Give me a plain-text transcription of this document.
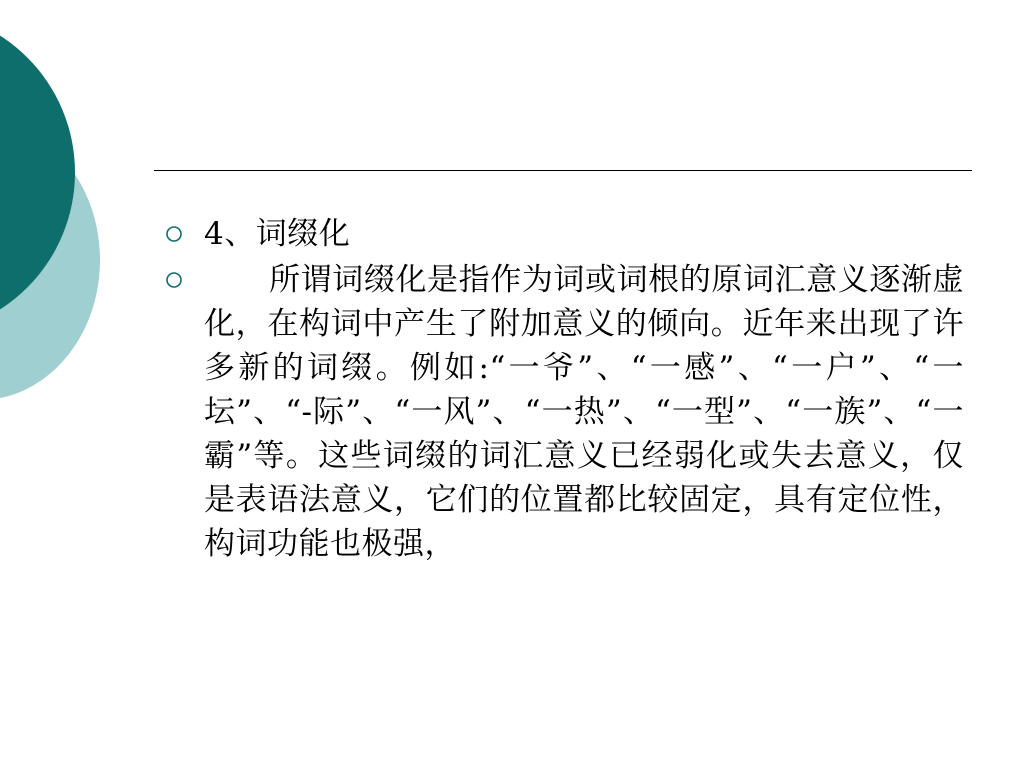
4、词缀化
所谓词缀化是指作为词或词根的原词汇意义逐渐虚化，在构词中产生了附加意义的倾向。近年来出现了许多新的词缀。例如:“一爷”、“一感”、“一户”、“一坛”、“-际”、“一风”、“一热”、“一型”、“一族”、“一霸”等。这些词缀的词汇意义已经弱化或失去意义，仅是表语法意义，它们的位置都比较固定，具有定位性，构词功能也极强，
